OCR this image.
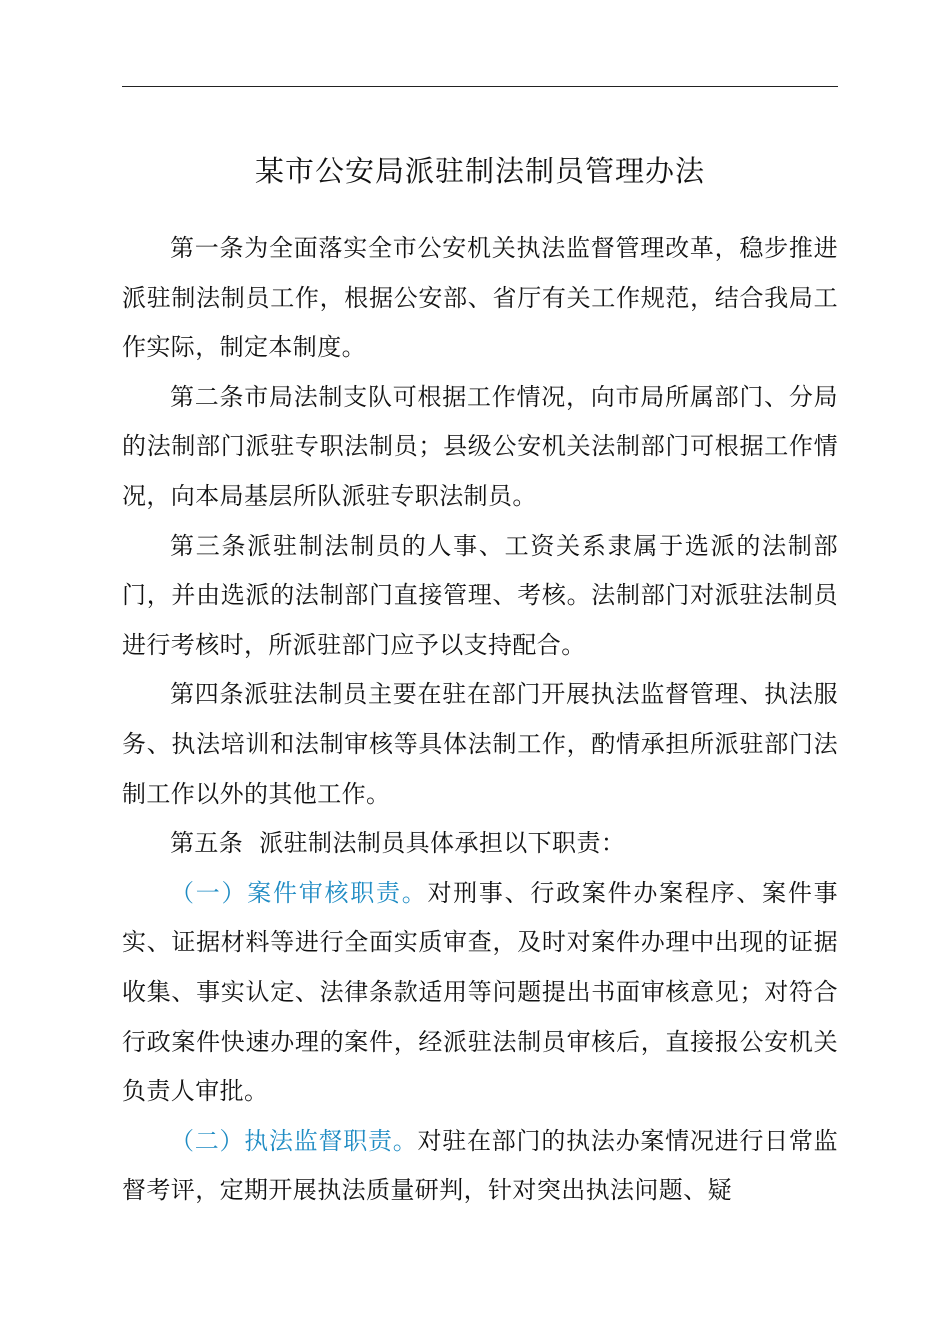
某市公安局派驻制法制员管理办法

第一条为全面落实全市公安机关执法监督管理改革，稳步推进派驻制法制员工作，根据公安部、省厅有关工作规范，结合我局工作实际，制定本制度。

第二条市局法制支队可根据工作情况，向市局所属部门、分局的法制部门派驻专职法制员；县级公安机关法制部门可根据工作情况，向本局基层所队派驻专职法制员。

第三条派驻制法制员的人事、工资关系隶属于选派的法制部门，并由选派的法制部门直接管理、考核。法制部门对派驻法制员进行考核时，所派驻部门应予以支持配合。

第四条派驻法制员主要在驻在部门开展执法监督管理、执法服务、执法培训和法制审核等具体法制工作，酌情承担所派驻部门法制工作以外的其他工作。

第五条  派驻制法制员具体承担以下职责：

（一）案件审核职责。对刑事、行政案件办案程序、案件事实、证据材料等进行全面实质审查，及时对案件办理中出现的证据收集、事实认定、法律条款适用等问题提出书面审核意见；对符合行政案件快速办理的案件，经派驻法制员审核后，直接报公安机关负责人审批。

（二）执法监督职责。对驻在部门的执法办案情况进行日常监督考评，定期开展执法质量研判，针对突出执法问题、疑
